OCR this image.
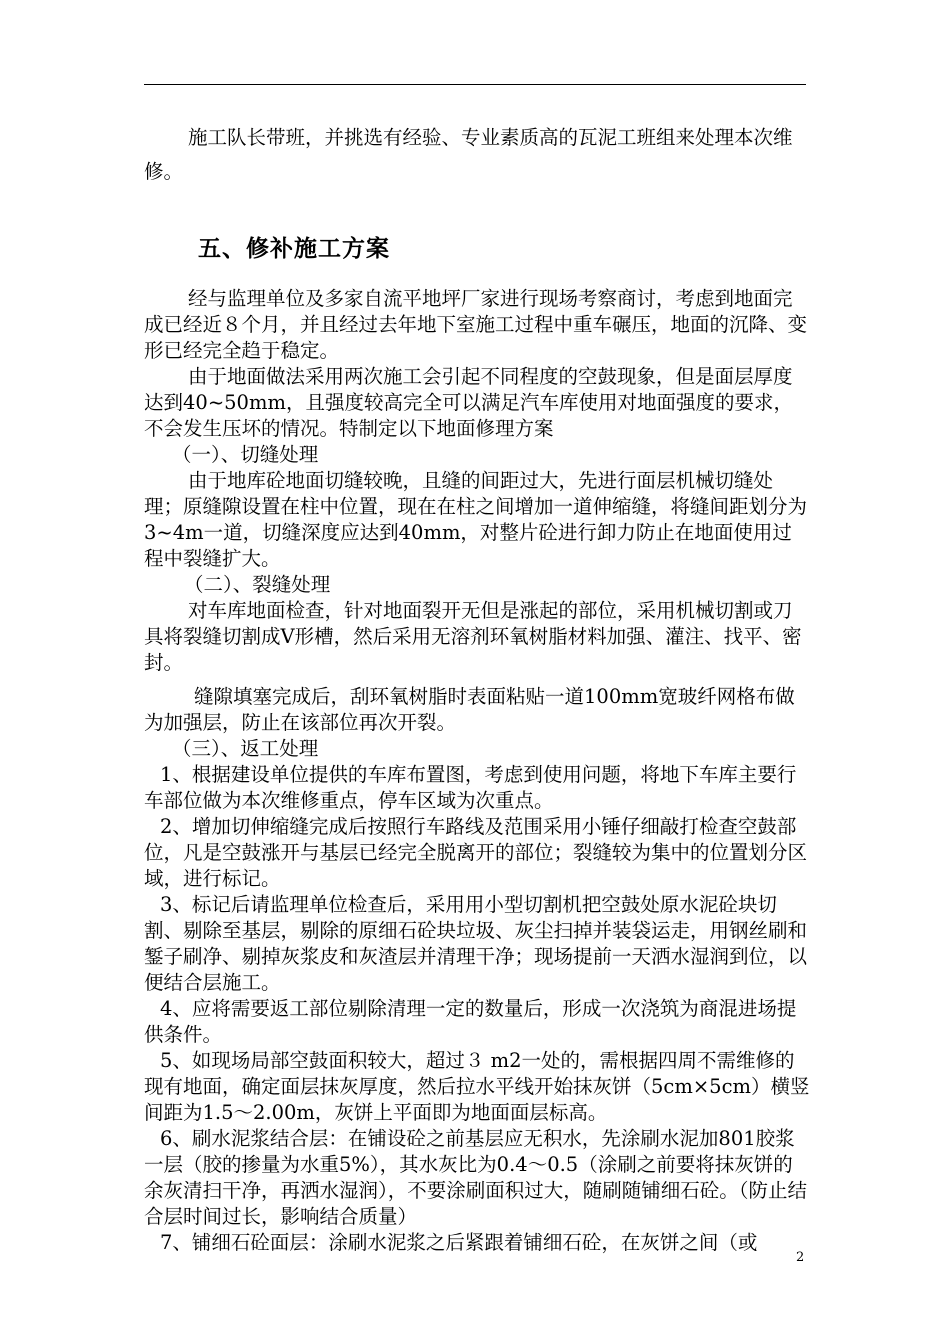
施工队长带班，并挑选有经验、专业素质高的瓦泥工班组来处理本次维修。

五、修补施工方案

经与监理单位及多家自流平地坪厂家进行现场考察商讨，考虑到地面完成已经近８个月，并且经过去年地下室施工过程中重车碾压，地面的沉降、变形已经完全趋于稳定。

由于地面做法采用两次施工会引起不同程度的空鼓现象，但是面层厚度达到40~50mm，且强度较高完全可以满足汽车库使用对地面强度的要求，不会发生压坏的情况。特制定以下地面修理方案

（一）、切缝处理

由于地库砼地面切缝较晚，且缝的间距过大，先进行面层机械切缝处理；原缝隙设置在柱中位置，现在在柱之间增加一道伸缩缝，将缝间距划分为3~4m一道，切缝深度应达到40mm，对整片砼进行卸力防止在地面使用过程中裂缝扩大。

（二）、裂缝处理

对车库地面检查，针对地面裂开无但是涨起的部位，采用机械切割或刀具将裂缝切割成V形槽，然后采用无溶剂环氧树脂材料加强、灌注、找平、密封。

缝隙填塞完成后，刮环氧树脂时表面粘贴一道100mm宽玻纤网格布做为加强层，防止在该部位再次开裂。

（三）、返工处理

1、根据建设单位提供的车库布置图，考虑到使用问题，将地下车库主要行车部位做为本次维修重点，停车区域为次重点。

2、增加切伸缩缝完成后按照行车路线及范围采用小锤仔细敲打检查空鼓部位，凡是空鼓涨开与基层已经完全脱离开的部位；裂缝较为集中的位置划分区域，进行标记。

3、标记后请监理单位检查后，采用用小型切割机把空鼓处原水泥砼块切割、剔除至基层，剔除的原细石砼块垃圾、灰尘扫掉并装袋运走，用钢丝刷和錾子刷净、剔掉灰浆皮和灰渣层并清理干净；现场提前一天洒水湿润到位，以便结合层施工。

4、应将需要返工部位剔除清理一定的数量后，形成一次浇筑为商混进场提供条件。

5、如现场局部空鼓面积较大，超过３ m2一处的，需根据四周不需维修的现有地面，确定面层抹灰厚度，然后拉水平线开始抹灰饼（5cm×5cm）横竖间距为1.5～2.00m，灰饼上平面即为地面面层标高。

6、刷水泥浆结合层：在铺设砼之前基层应无积水，先涂刷水泥加801胶浆一层（胶的掺量为水重5%），其水灰比为0.4～0.5（涂刷之前要将抹灰饼的余灰清扫干净，再洒水湿润），不要涂刷面积过大，随刷随铺细石砼。（防止结合层时间过长，影响结合质量）

7、铺细石砼面层：涂刷水泥浆之后紧跟着铺细石砼，在灰饼之间（或

2
